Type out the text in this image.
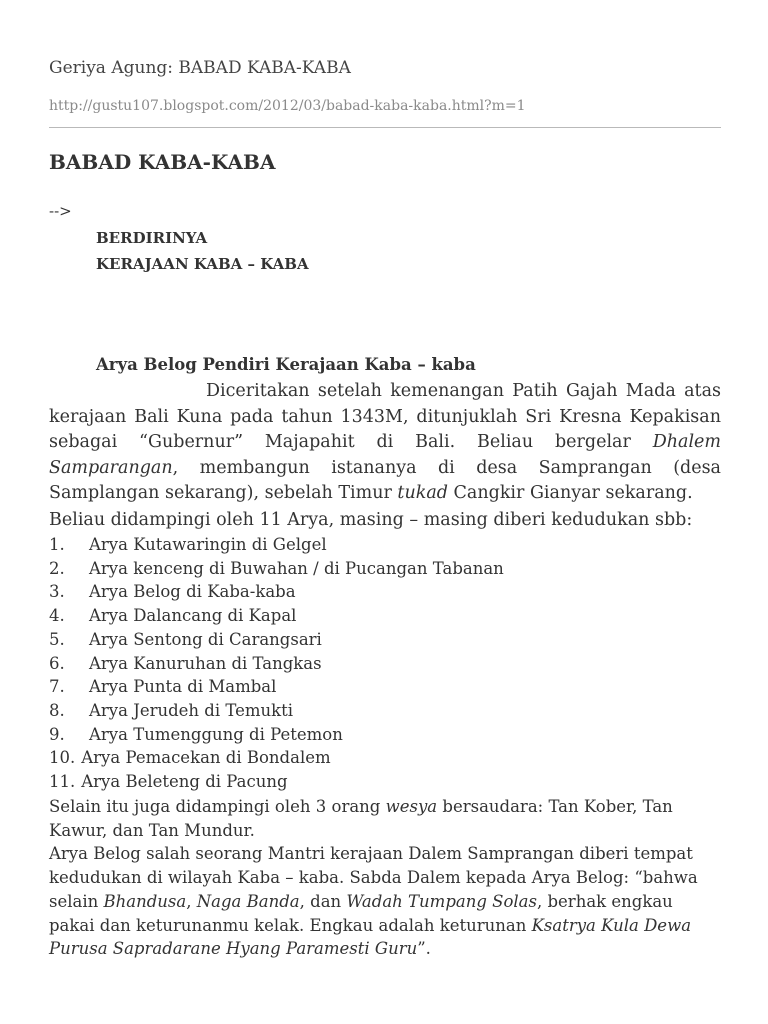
Geriya Agung: BABAD KABA-KABA
http://gustu107.blogspot.com/2012/03/babad-kaba-kaba.html?m=1
BABAD KABA-KABA
-->
BERDIRINYA
KERAJAAN KABA – KABA
Arya Belog Pendiri Kerajaan Kaba – kaba
Diceritakan setelah kemenangan Patih Gajah Mada atas kerajaan Bali Kuna pada tahun 1343M, ditunjuklah Sri Kresna Kepakisan sebagai “Gubernur” Majapahit di Bali. Beliau bergelar Dhalem Samparangan, membangun istananya di desa Samprangan (desa Samplangan sekarang), sebelah Timur tukad Cangkir Gianyar sekarang.
Beliau didampingi oleh 11 Arya, masing – masing diberi kedudukan sbb:
1.	Arya Kutawaringin di Gelgel
2.	Arya kenceng di Buwahan / di Pucangan Tabanan
3.	Arya Belog di Kaba-kaba
4.	Arya Dalancang di Kapal
5.	Arya Sentong di Carangsari
6.	Arya Kanuruhan di Tangkas
7.	Arya Punta di Mambal
8.	Arya Jerudeh di Temukti
9.	Arya Tumenggung di Petemon
10. Arya Pemacekan di Bondalem
11. Arya Beleteng di Pacung
Selain itu juga didampingi oleh 3 orang wesya bersaudara: Tan Kober, Tan Kawur, dan Tan Mundur.
Arya Belog salah seorang Mantri kerajaan Dalem Samprangan diberi tempat kedudukan di wilayah Kaba – kaba. Sabda Dalem kepada Arya Belog: “bahwa selain Bhandusa, Naga Banda, dan Wadah Tumpang Solas, berhak engkau pakai dan keturunanmu kelak. Engkau adalah keturunan Ksatrya Kula Dewa Purusa Sapradarane Hyang Paramesti Guru”.
